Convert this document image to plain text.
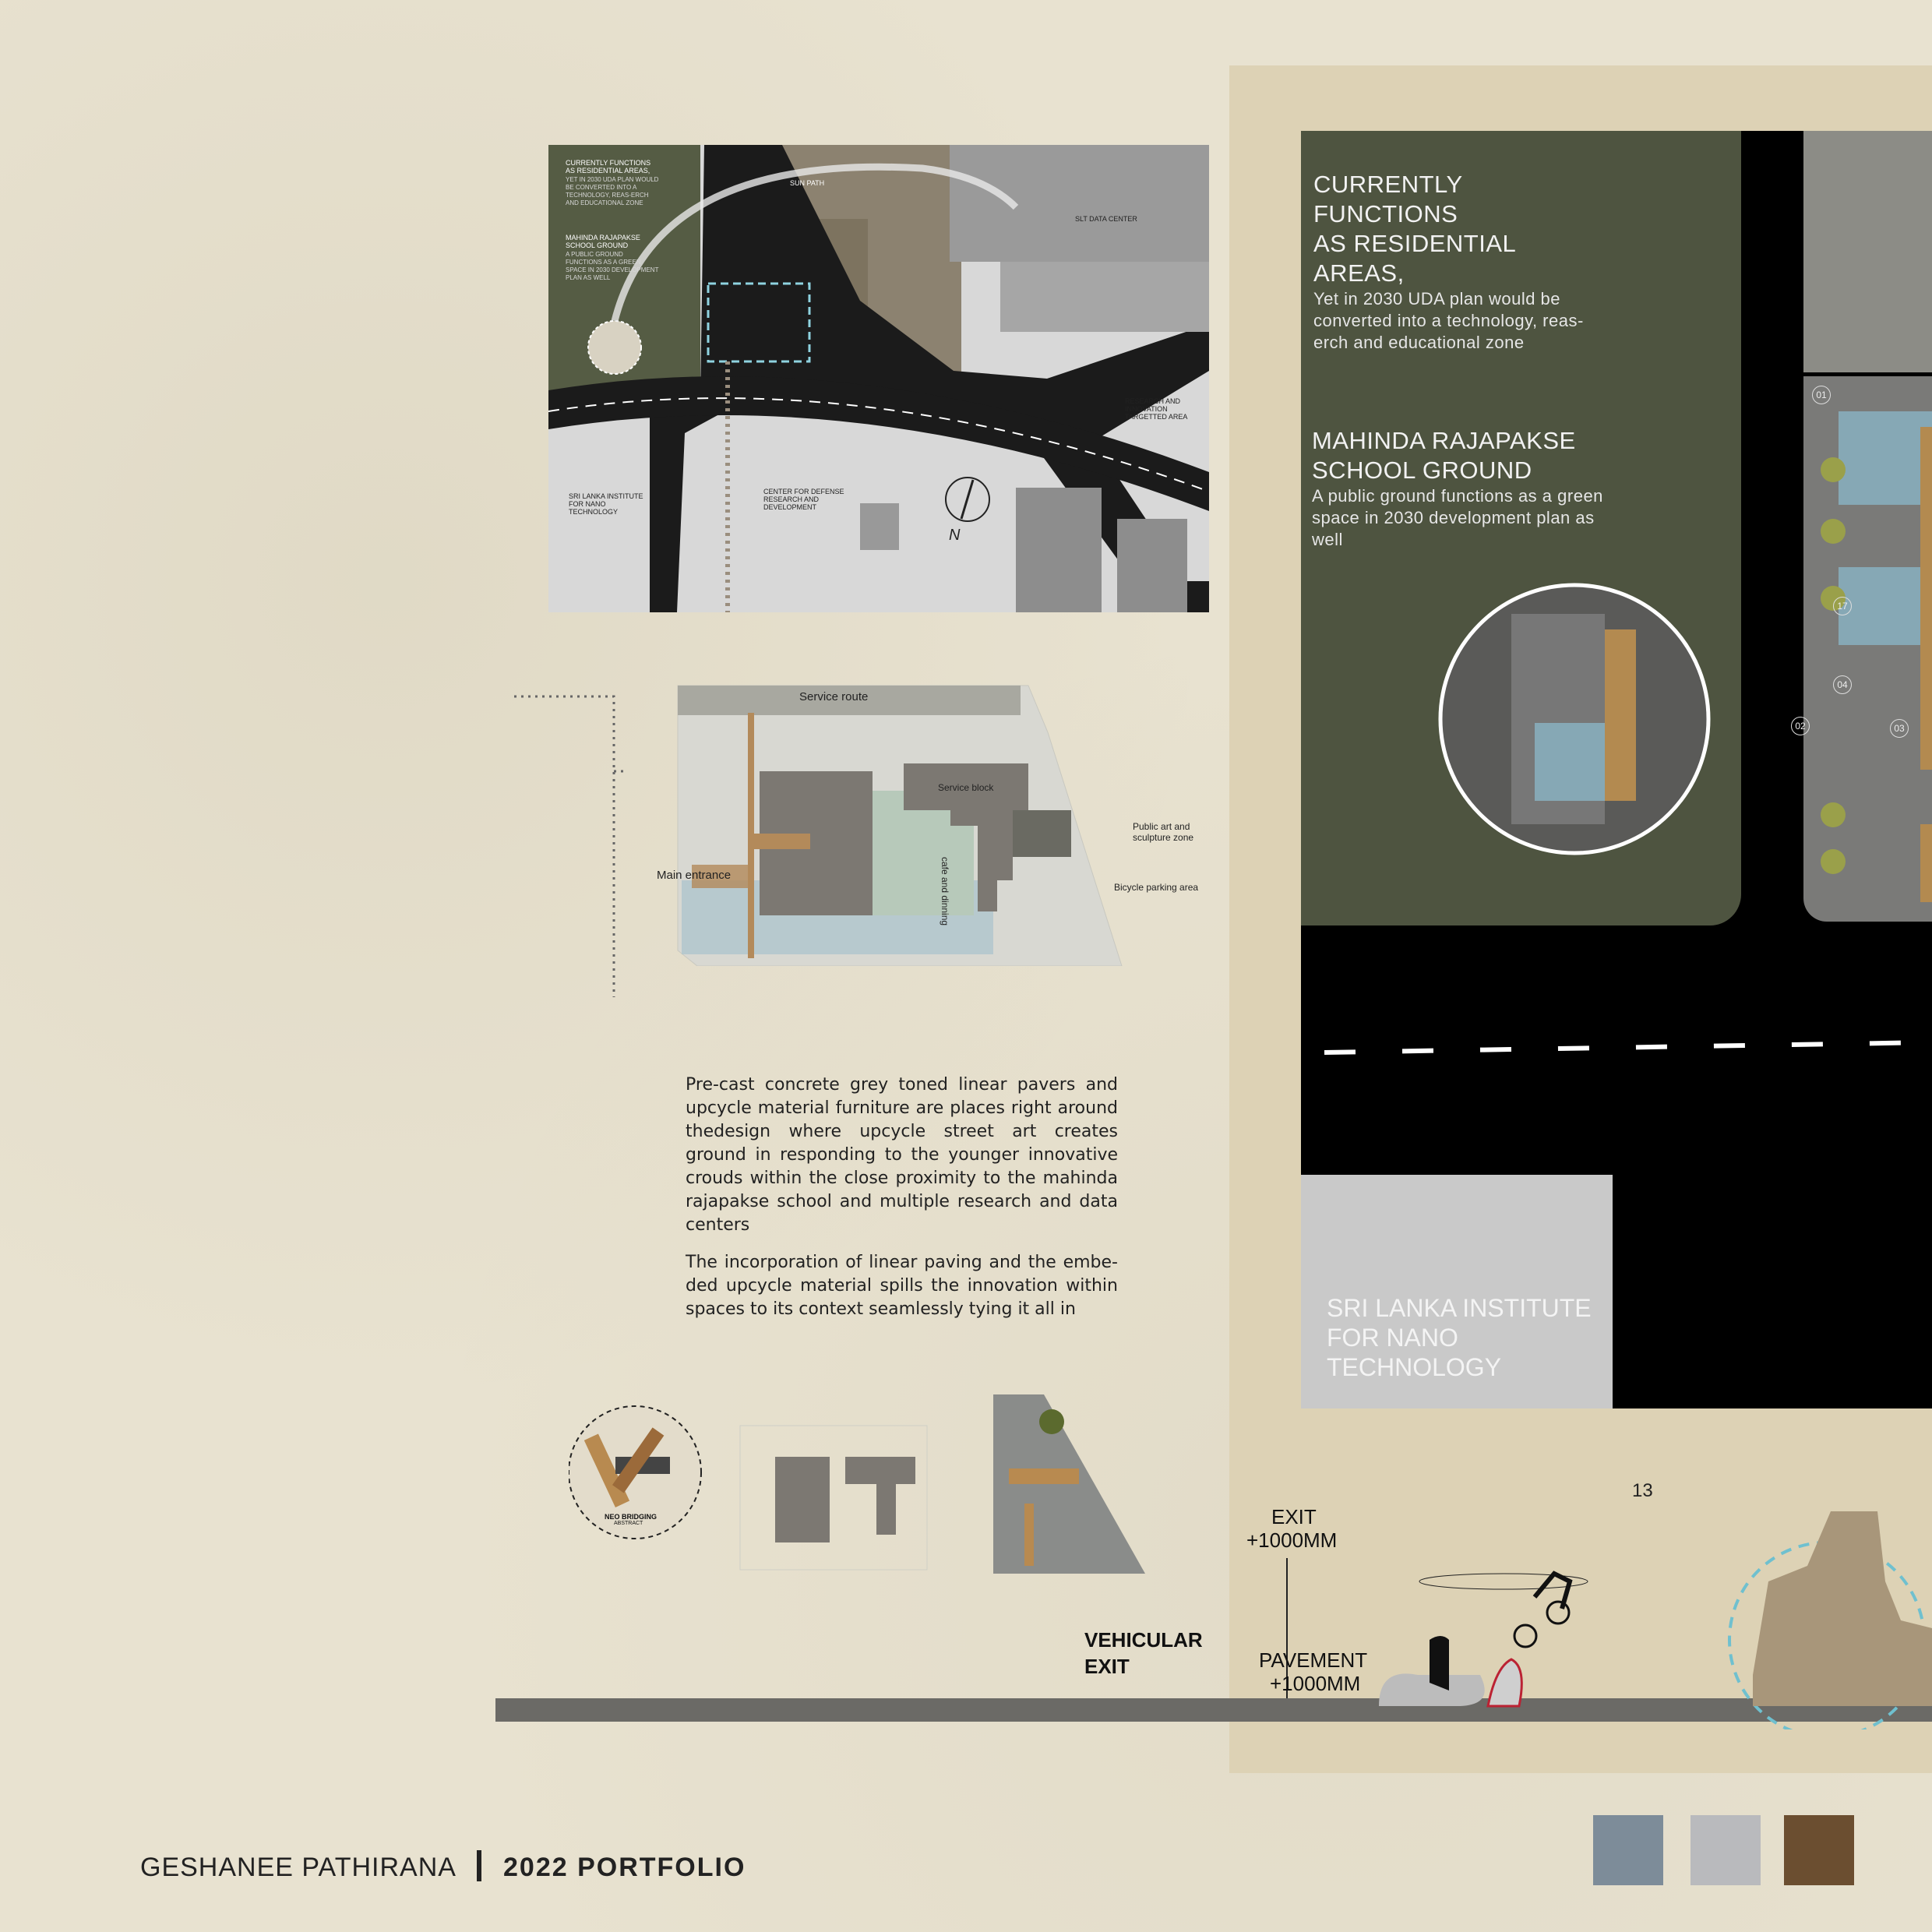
CURRENTLY FUNCTIONS AS RESIDENTIAL AREAS,
YET IN 2030 UDA PLAN WOULD BE CONVERTED INTO A TECHNOLOGY, REAS-ERCH AND EDUCATIONAL ZONE
MAHINDA RAJAPAKSE SCHOOL GROUND
A PUBLIC GROUND FUNCTIONS AS A GREEN SPACE IN 2030 DEVELOPMENT PLAN AS WELL
SUN PATH
SLT DATA CENTER
RESEARCH AND INNOVATION TARGETTED AREA
SRI LANKA INSTITUTE FOR NANO TECHNOLOGY
CENTER FOR DEFENSE RESEARCH AND DEVELOPMENT
N
Service route
Service block
cafe and dinning
Public art and sculpture zone
Bicycle parking area
Main entrance

Pre-cast concrete grey toned linear pavers and upcycle material furniture are places right around thedesign where upcycle street art creates ground in responding to the younger innovative crouds within the close proximity to the mahinda rajapakse school and multiple research and data centers

The incorporation of linear paving and the embe-ded upcycle material spills the innovation within spaces to its context seamlessly tying it all in

NEO BRIDGING
ABSTRACT
01
17
04
02	03
CURRENTLY FUNCTIONS
AS RESIDENTIAL AREAS,
Yet in 2030 UDA plan would be converted into a technology, reas-erch and educational zone
MAHINDA RAJAPAKSE
SCHOOL GROUND
A public ground functions as a green space in 2030 development plan as well
SRI LANKA INSTITUTE
FOR NANO
TECHNOLOGY
13
EXIT
+1000MM
VEHICULAR
EXIT	PAVEMENT
+1000MM
GESHANEE PATHIRANA 2022 PORTFOLIO
